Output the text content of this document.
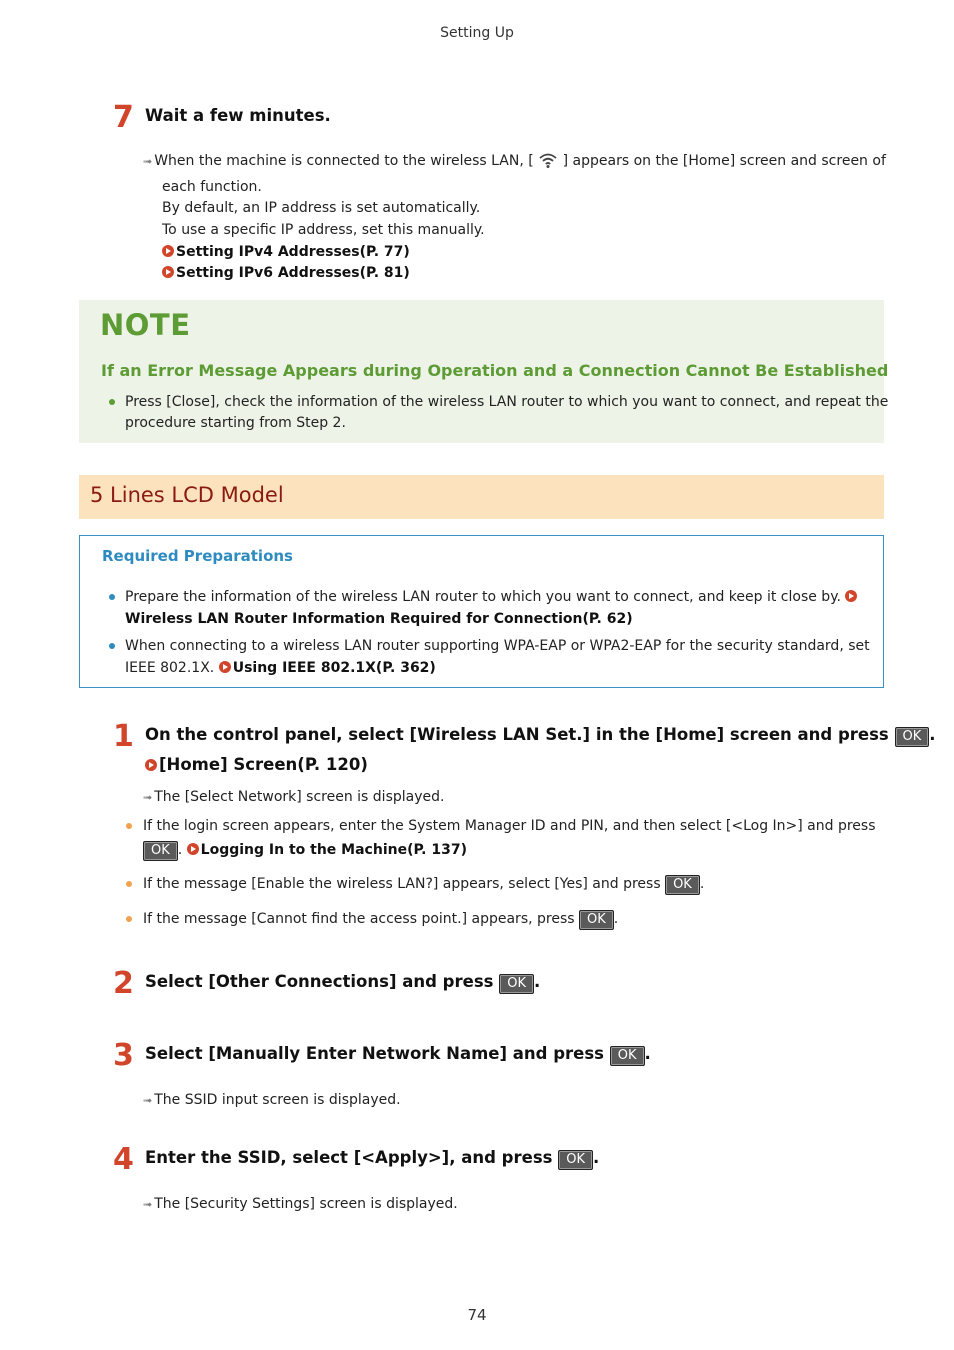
Setting Up
7 Wait a few minutes.
➟ When the machine is connected to the wireless LAN, [ ] appears on the [Home] screen and screen of
each function.
By default, an IP address is set automatically.
To use a specific IP address, set this manually.
Setting IPv4 Addresses(P. 77)
Setting IPv6 Addresses(P. 81)
NOTE
If an Error Message Appears during Operation and a Connection Cannot Be Established
Press [Close], check the information of the wireless LAN router to which you want to connect, and repeat the
procedure starting from Step 2.
5 Lines LCD Model
Required Preparations
Prepare the information of the wireless LAN router to which you want to connect, and keep it close by.
Wireless LAN Router Information Required for Connection(P. 62)
When connecting to a wireless LAN router supporting WPA-EAP or WPA2-EAP for the security standard, set
IEEE 802.1X. Using IEEE 802.1X(P. 362)
1 On the control panel, select [Wireless LAN Set.] in the [Home] screen and press OK .
[Home] Screen(P. 120)
➟ The [Select Network] screen is displayed.
If the login screen appears, enter the System Manager ID and PIN, and then select [<Log In>] and press
OK . Logging In to the Machine(P. 137)
If the message [Enable the wireless LAN?] appears, select [Yes] and press OK .
If the message [Cannot find the access point.] appears, press OK .
2 Select [Other Connections] and press OK .
3 Select [Manually Enter Network Name] and press OK .
➟ The SSID input screen is displayed.
4 Enter the SSID, select [<Apply>], and press OK .
➟ The [Security Settings] screen is displayed.
74
